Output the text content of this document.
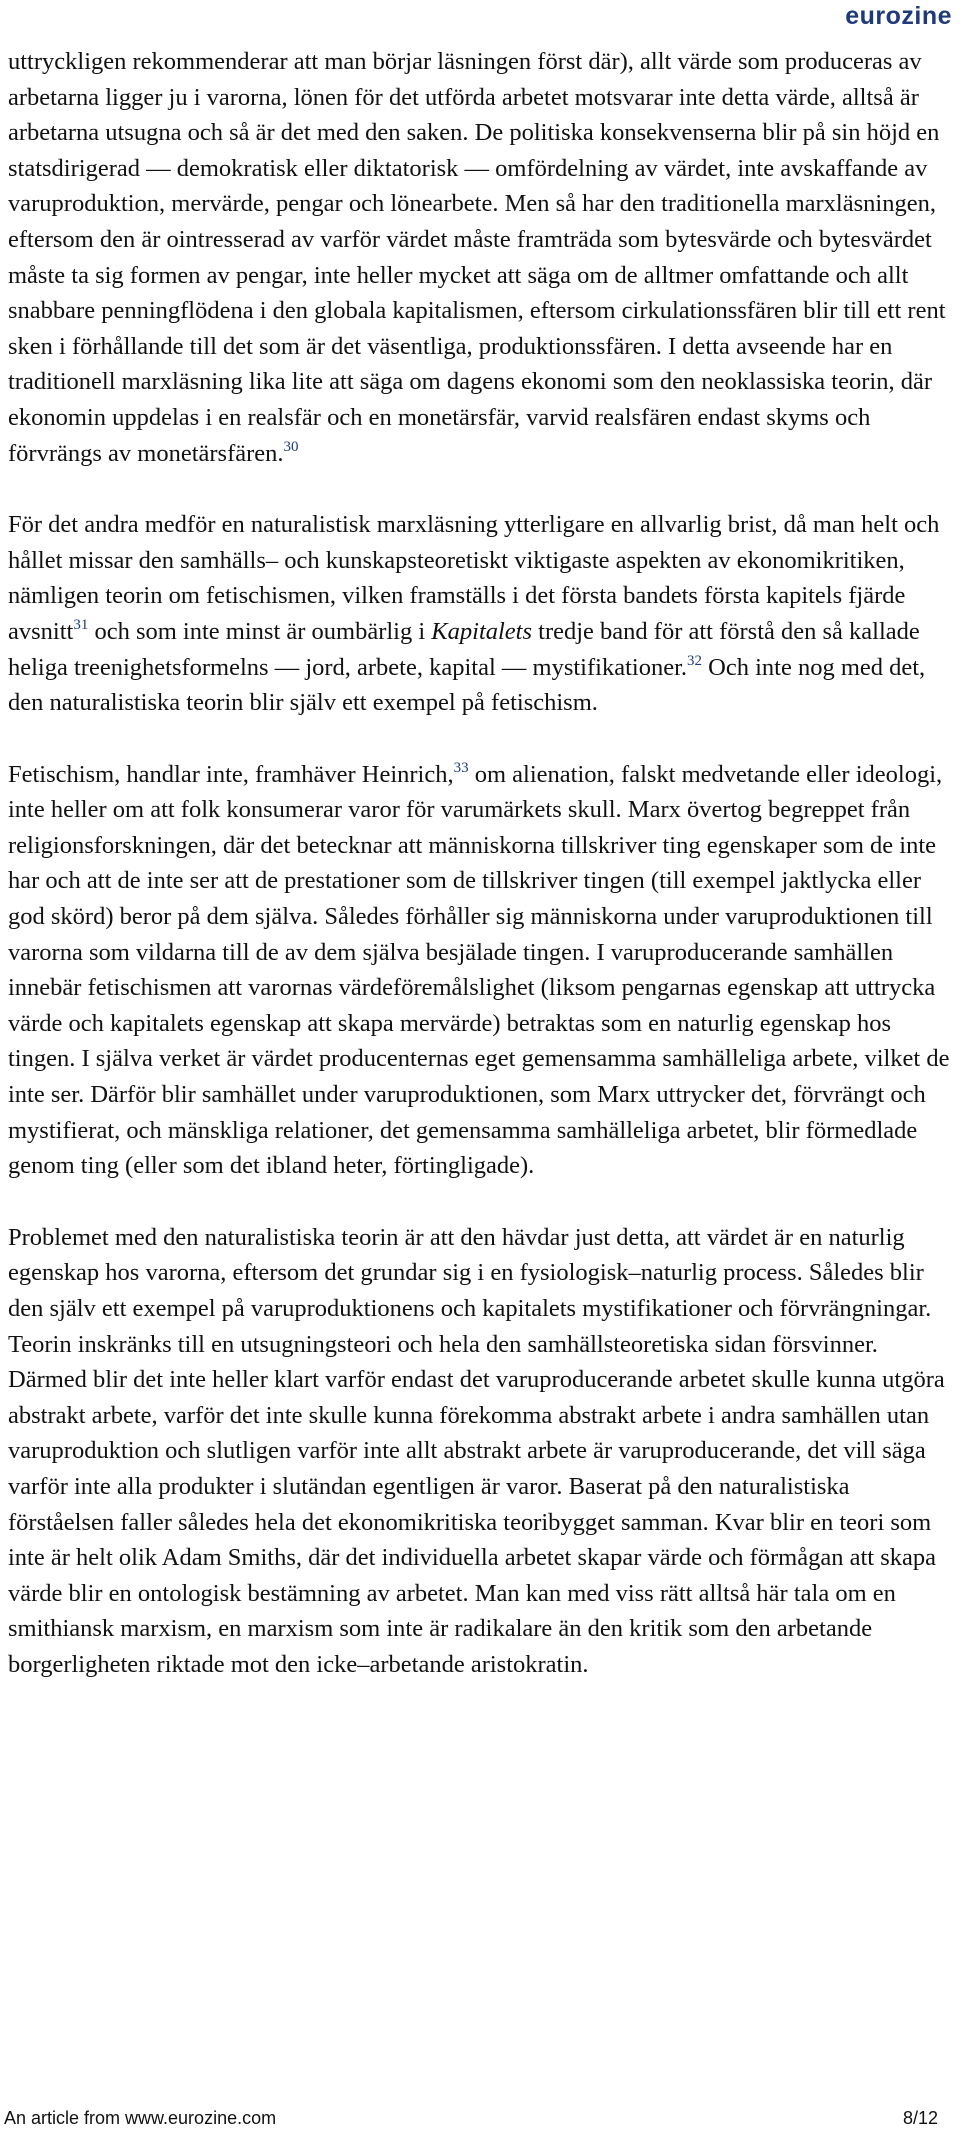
eurozine

uttryckligen rekommenderar att man börjar läsningen först där), allt värde som produceras av arbetarna ligger ju i varorna, lönen för det utförda arbetet motsvarar inte detta värde, alltså är arbetarna utsugna och så är det med den saken. De politiska konsekvenserna blir på sin höjd en statsdirigerad –– demokratisk eller diktatorisk –– omfördelning av värdet, inte avskaffande av varuproduktion, mervärde, pengar och lönearbete. Men så har den traditionella marxläsningen, eftersom den är ointresserad av varför värdet måste framträda som bytesvärde och bytesvärdet måste ta sig formen av pengar, inte heller mycket att säga om de alltmer omfattande och allt snabbare penningflödena i den globala kapitalismen, eftersom cirkulationssfären blir till ett rent sken i förhållande till det som är det väsentliga, produktionssfären. I detta avseende har en traditionell marxläsning lika lite att säga om dagens ekonomi som den neoklassiska teorin, där ekonomin uppdelas i en realsfär och en monetärsfär, varvid realsfären endast skyms och förvrängs av monetärsfären.$^{30}$

För det andra medför en naturalistisk marxläsning ytterligare en allvarlig brist, då man helt och hållet missar den samhälls– och kunskapsteoretiskt viktigaste aspekten av ekonomikritiken, nämligen teorin om fetischismen, vilken framställs i det första bandets första kapitels fjärde avsnitt$^{31}$ och som inte minst är oumbärlig i Kapitalets tredje band för att förstå den så kallade heliga treenighetsformelns –– jord, arbete, kapital –– mystifikationer.$^{32}$ Och inte nog med det, den naturalistiska teorin blir själv ett exempel på fetischism.

Fetischism, handlar inte, framhäver Heinrich,$^{33}$ om alienation, falskt medvetande eller ideologi, inte heller om att folk konsumerar varor för varumärkets skull. Marx övertog begreppet från religionsforskningen, där det betecknar att människorna tillskriver ting egenskaper som de inte har och att de inte ser att de prestationer som de tillskriver tingen (till exempel jaktlycka eller god skörd) beror på dem själva. Således förhåller sig människorna under varuproduktionen till varorna som vildarna till de av dem själva besjälade tingen. I varuproducerande samhällen innebär fetischismen att varornas värdeföremålslighet (liksom pengarnas egenskap att uttrycka värde och kapitalets egenskap att skapa mervärde) betraktas som en naturlig egenskap hos tingen. I själva verket är värdet producenternas eget gemensamma samhälleliga arbete, vilket de inte ser. Därför blir samhället under varuproduktionen, som Marx uttrycker det, förvrängt och mystifierat, och mänskliga relationer, det gemensamma samhälleliga arbetet, blir förmedlade genom ting (eller som det ibland heter, förtingligade).

Problemet med den naturalistiska teorin är att den hävdar just detta, att värdet är en naturlig egenskap hos varorna, eftersom det grundar sig i en fysiologisk–naturlig process. Således blir den själv ett exempel på varuproduktionens och kapitalets mystifikationer och förvrängningar. Teorin inskränks till en utsugningsteori och hela den samhällsteoretiska sidan försvinner. Därmed blir det inte heller klart varför endast det varuproducerande arbetet skulle kunna utgöra abstrakt arbete, varför det inte skulle kunna förekomma abstrakt arbete i andra samhällen utan varuproduktion och slutligen varför inte allt abstrakt arbete är varuproducerande, det vill säga varför inte alla produkter i slutändan egentligen är varor. Baserat på den naturalistiska förståelsen faller således hela det ekonomikritiska teoribygget samman. Kvar blir en teori som inte är helt olik Adam Smiths, där det individuella arbetet skapar värde och förmågan att skapa värde blir en ontologisk bestämning av arbetet. Man kan med viss rätt alltså här tala om en smithiansk marxism, en marxism som inte är radikalare än den kritik som den arbetande borgerligheten riktade mot den icke–arbetande aristokratin.

An article from www.eurozine.com	8/12
